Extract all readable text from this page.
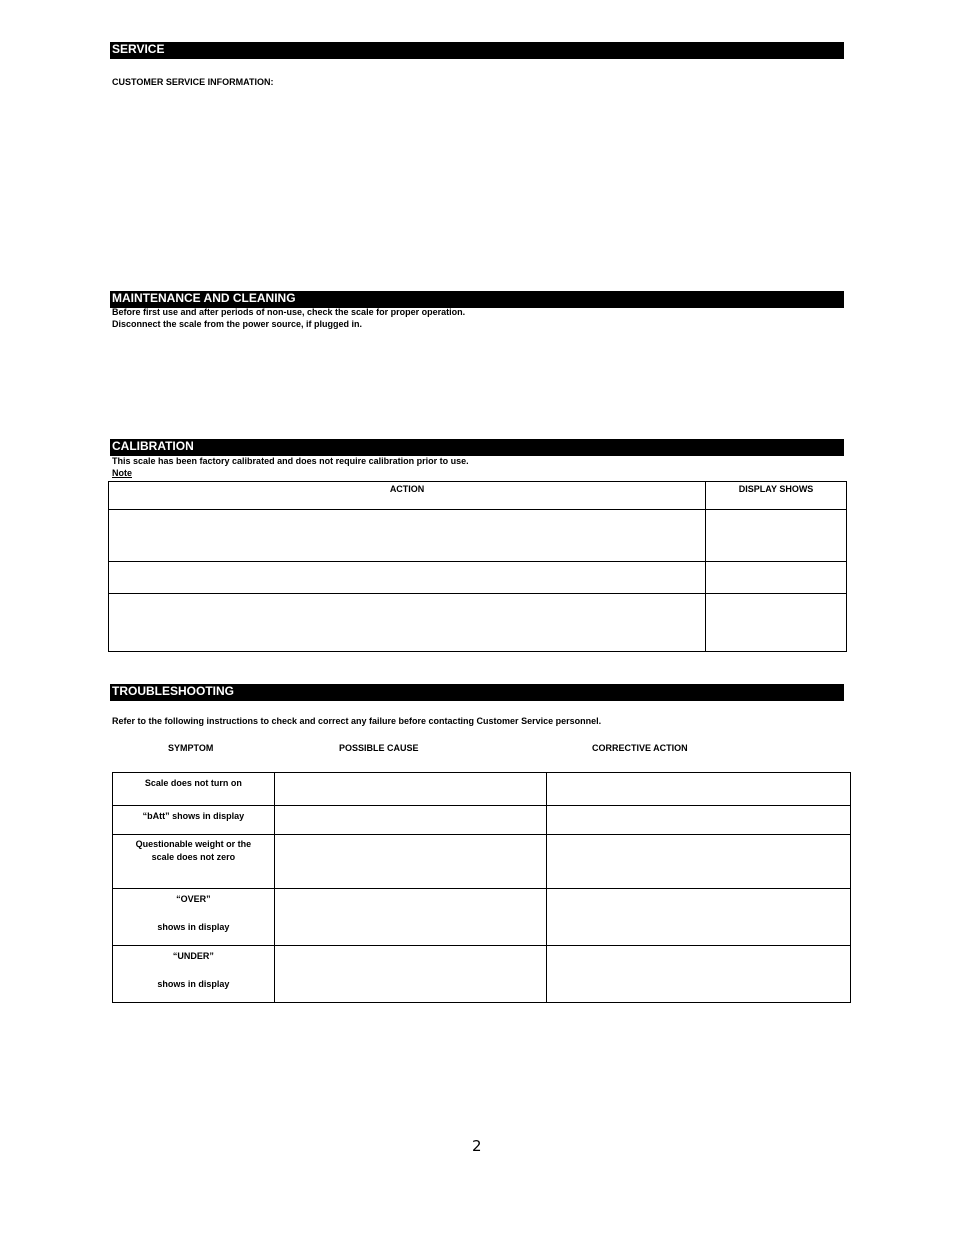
SERVICE
CUSTOMER SERVICE INFORMATION:
MAINTENANCE AND CLEANING
Before first use and after periods of non-use, check the scale for proper operation.
Disconnect the scale from the power source, if plugged in.
CALIBRATION
This scale has been factory calibrated and does not require calibration prior to use.
Note
ACTION	DISPLAY SHOWS

TROUBLESHOOTING
Refer to the following instructions to check and correct any failure before contacting Customer Service personnel.
SYMPTOM	POSSIBLE CAUSE	CORRECTIVE ACTION
Scale does not turn on		

“bAtt” shows in display		

Questionable weight or the
scale does not zero		

“OVER”
shows in display		

“UNDER”
shows in display		

2
